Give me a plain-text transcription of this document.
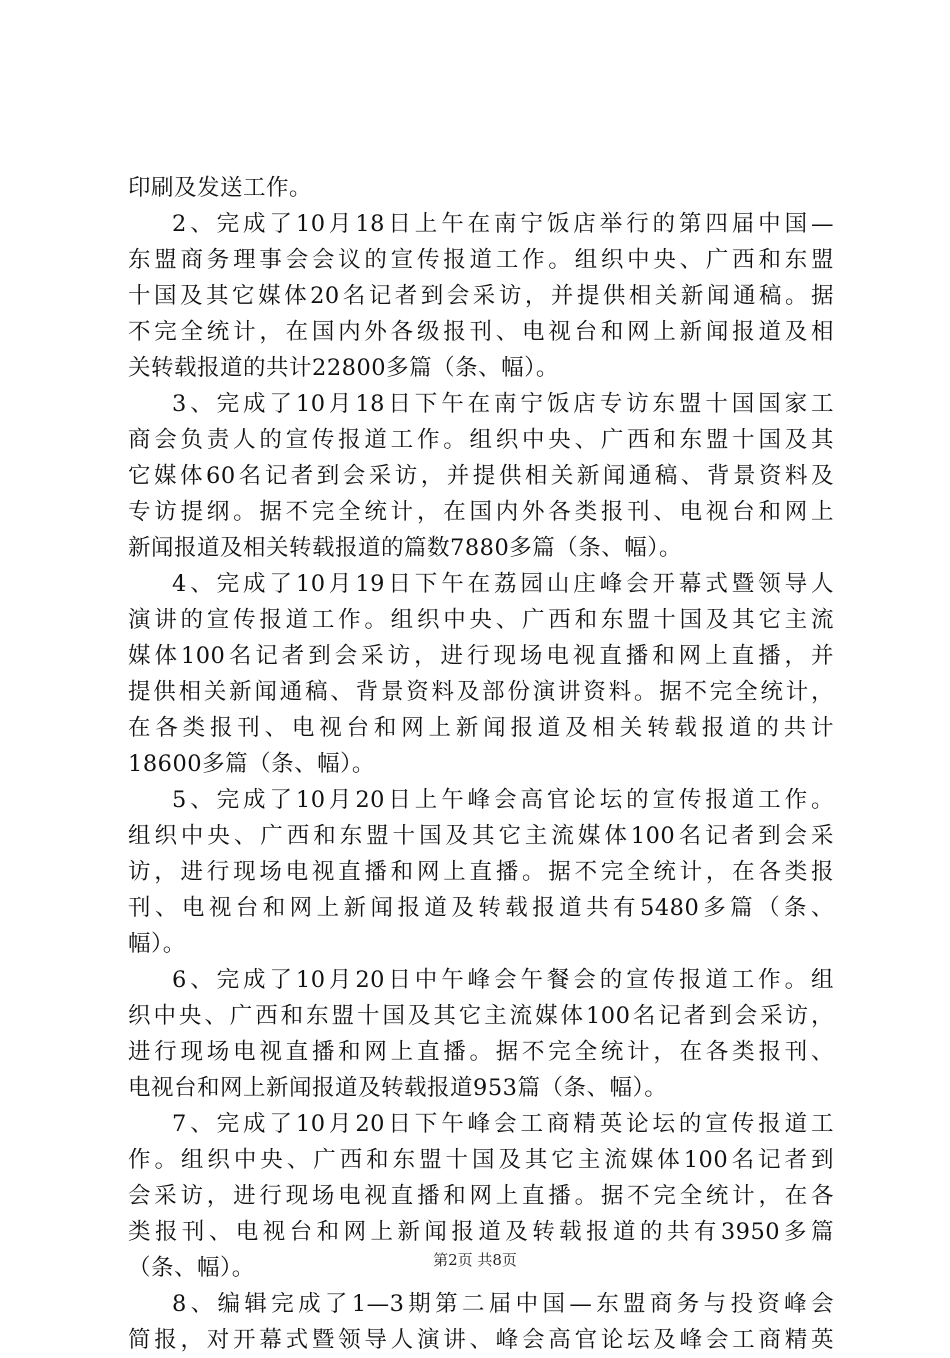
印刷及发送工作。
2、完成了10月18日上午在南宁饭店举行的第四届中国—
东盟商务理事会会议的宣传报道工作。组织中央、广西和东盟
十国及其它媒体20名记者到会采访，并提供相关新闻通稿。据
不完全统计，在国内外各级报刊、电视台和网上新闻报道及相
关转载报道的共计22800多篇（条、幅）。
3、完成了10月18日下午在南宁饭店专访东盟十国国家工
商会负责人的宣传报道工作。组织中央、广西和东盟十国及其
它媒体60名记者到会采访，并提供相关新闻通稿、背景资料及
专访提纲。据不完全统计，在国内外各类报刊、电视台和网上
新闻报道及相关转载报道的篇数7880多篇（条、幅）。
4、完成了10月19日下午在荔园山庄峰会开幕式暨领导人
演讲的宣传报道工作。组织中央、广西和东盟十国及其它主流
媒体100名记者到会采访，进行现场电视直播和网上直播，并
提供相关新闻通稿、背景资料及部份演讲资料。据不完全统计，
在各类报刊、电视台和网上新闻报道及相关转载报道的共计
18600多篇（条、幅）。
5、完成了10月20日上午峰会高官论坛的宣传报道工作。
组织中央、广西和东盟十国及其它主流媒体100名记者到会采
访，进行现场电视直播和网上直播。据不完全统计，在各类报
刊、电视台和网上新闻报道及转载报道共有5480多篇（条、
幅）。
6、完成了10月20日中午峰会午餐会的宣传报道工作。组
织中央、广西和东盟十国及其它主流媒体100名记者到会采访，
进行现场电视直播和网上直播。据不完全统计，在各类报刊、
电视台和网上新闻报道及转载报道953篇（条、幅）。
7、完成了10月20日下午峰会工商精英论坛的宣传报道工
作。组织中央、广西和东盟十国及其它主流媒体100名记者到
会采访，进行现场电视直播和网上直播。据不完全统计，在各
类报刊、电视台和网上新闻报道及转载报道的共有3950多篇
（条、幅）。
8、编辑完成了1—3期第二届中国—东盟商务与投资峰会
简报，对开幕式暨领导人演讲、峰会高官论坛及峰会工商精英
第2页 共8页
